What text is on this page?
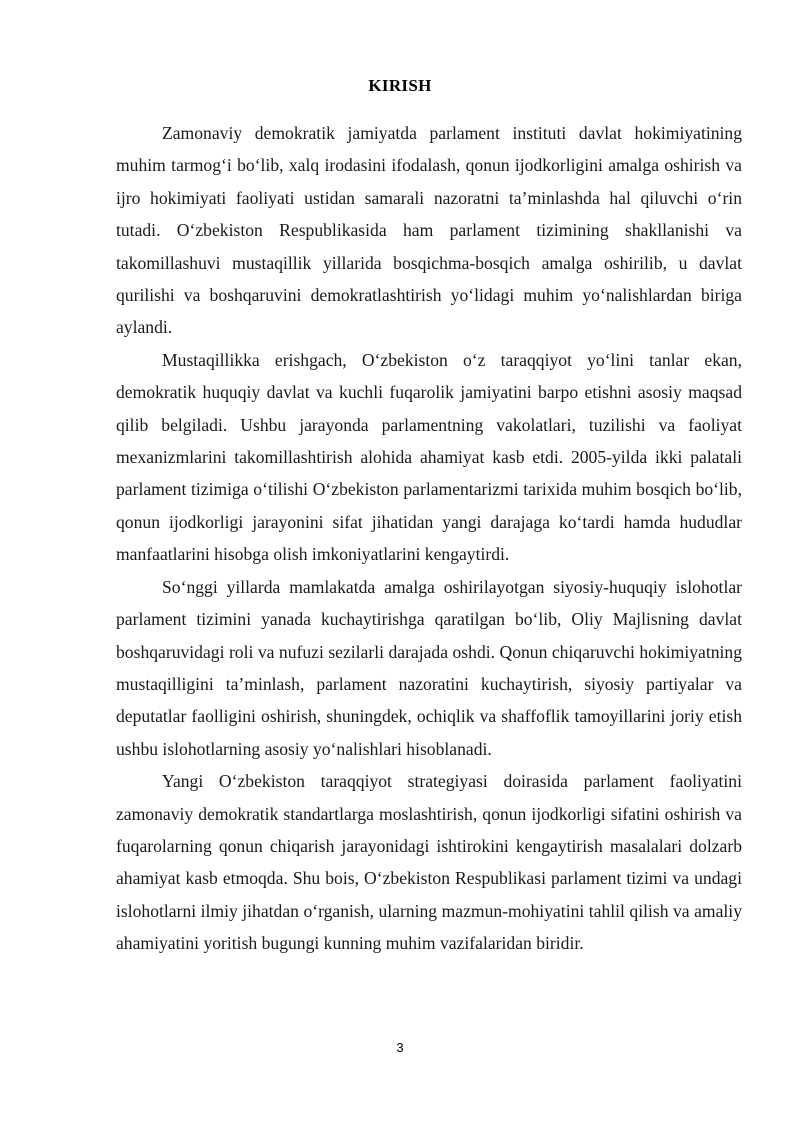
KIRISH

Zamonaviy demokratik jamiyatda parlament instituti davlat hokimiyatining muhim tarmog‘i bo‘lib, xalq irodasini ifodalash, qonun ijodkorligini amalga oshirish va ijro hokimiyati faoliyati ustidan samarali nazoratni ta’minlashda hal qiluvchi o‘rin tutadi. O‘zbekiston Respublikasida ham parlament tizimining shakllanishi va takomillashuvi mustaqillik yillarida bosqichma-bosqich amalga oshirilib, u davlat qurilishi va boshqaruvini demokratlashtirish yo‘lidagi muhim yo‘nalishlardan biriga aylandi.

Mustaqillikka erishgach, O‘zbekiston o‘z taraqqiyot yo‘lini tanlar ekan, demokratik huquqiy davlat va kuchli fuqarolik jamiyatini barpo etishni asosiy maqsad qilib belgiladi. Ushbu jarayonda parlamentning vakolatlari, tuzilishi va faoliyat mexanizmlarini takomillashtirish alohida ahamiyat kasb etdi. 2005-yilda ikki palatali parlament tizimiga o‘tilishi O‘zbekiston parlamentarizmi tarixida muhim bosqich bo‘lib, qonun ijodkorligi jarayonini sifat jihatidan yangi darajaga ko‘tardi hamda hududlar manfaatlarini hisobga olish imkoniyatlarini kengaytirdi.

So‘nggi yillarda mamlakatda amalga oshirilayotgan siyosiy-huquqiy islohotlar parlament tizimini yanada kuchaytirishga qaratilgan bo‘lib, Oliy Majlisning davlat boshqaruvidagi roli va nufuzi sezilarli darajada oshdi. Qonun chiqaruvchi hokimiyatning mustaqilligini ta’minlash, parlament nazoratini kuchaytirish, siyosiy partiyalar va deputatlar faolligini oshirish, shuningdek, ochiqlik va shaffoflik tamoyillarini joriy etish ushbu islohotlarning asosiy yo‘nalishlari hisoblanadi.

Yangi O‘zbekiston taraqqiyot strategiyasi doirasida parlament faoliyatini zamonaviy demokratik standartlarga moslashtirish, qonun ijodkorligi sifatini oshirish va fuqarolarning qonun chiqarish jarayonidagi ishtirokini kengaytirish masalalari dolzarb ahamiyat kasb etmoqda. Shu bois, O‘zbekiston Respublikasi parlament tizimi va undagi islohotlarni ilmiy jihatdan o‘rganish, ularning mazmun-mohiyatini tahlil qilish va amaliy ahamiyatini yoritish bugungi kunning muhim vazifalaridan biridir.

3
